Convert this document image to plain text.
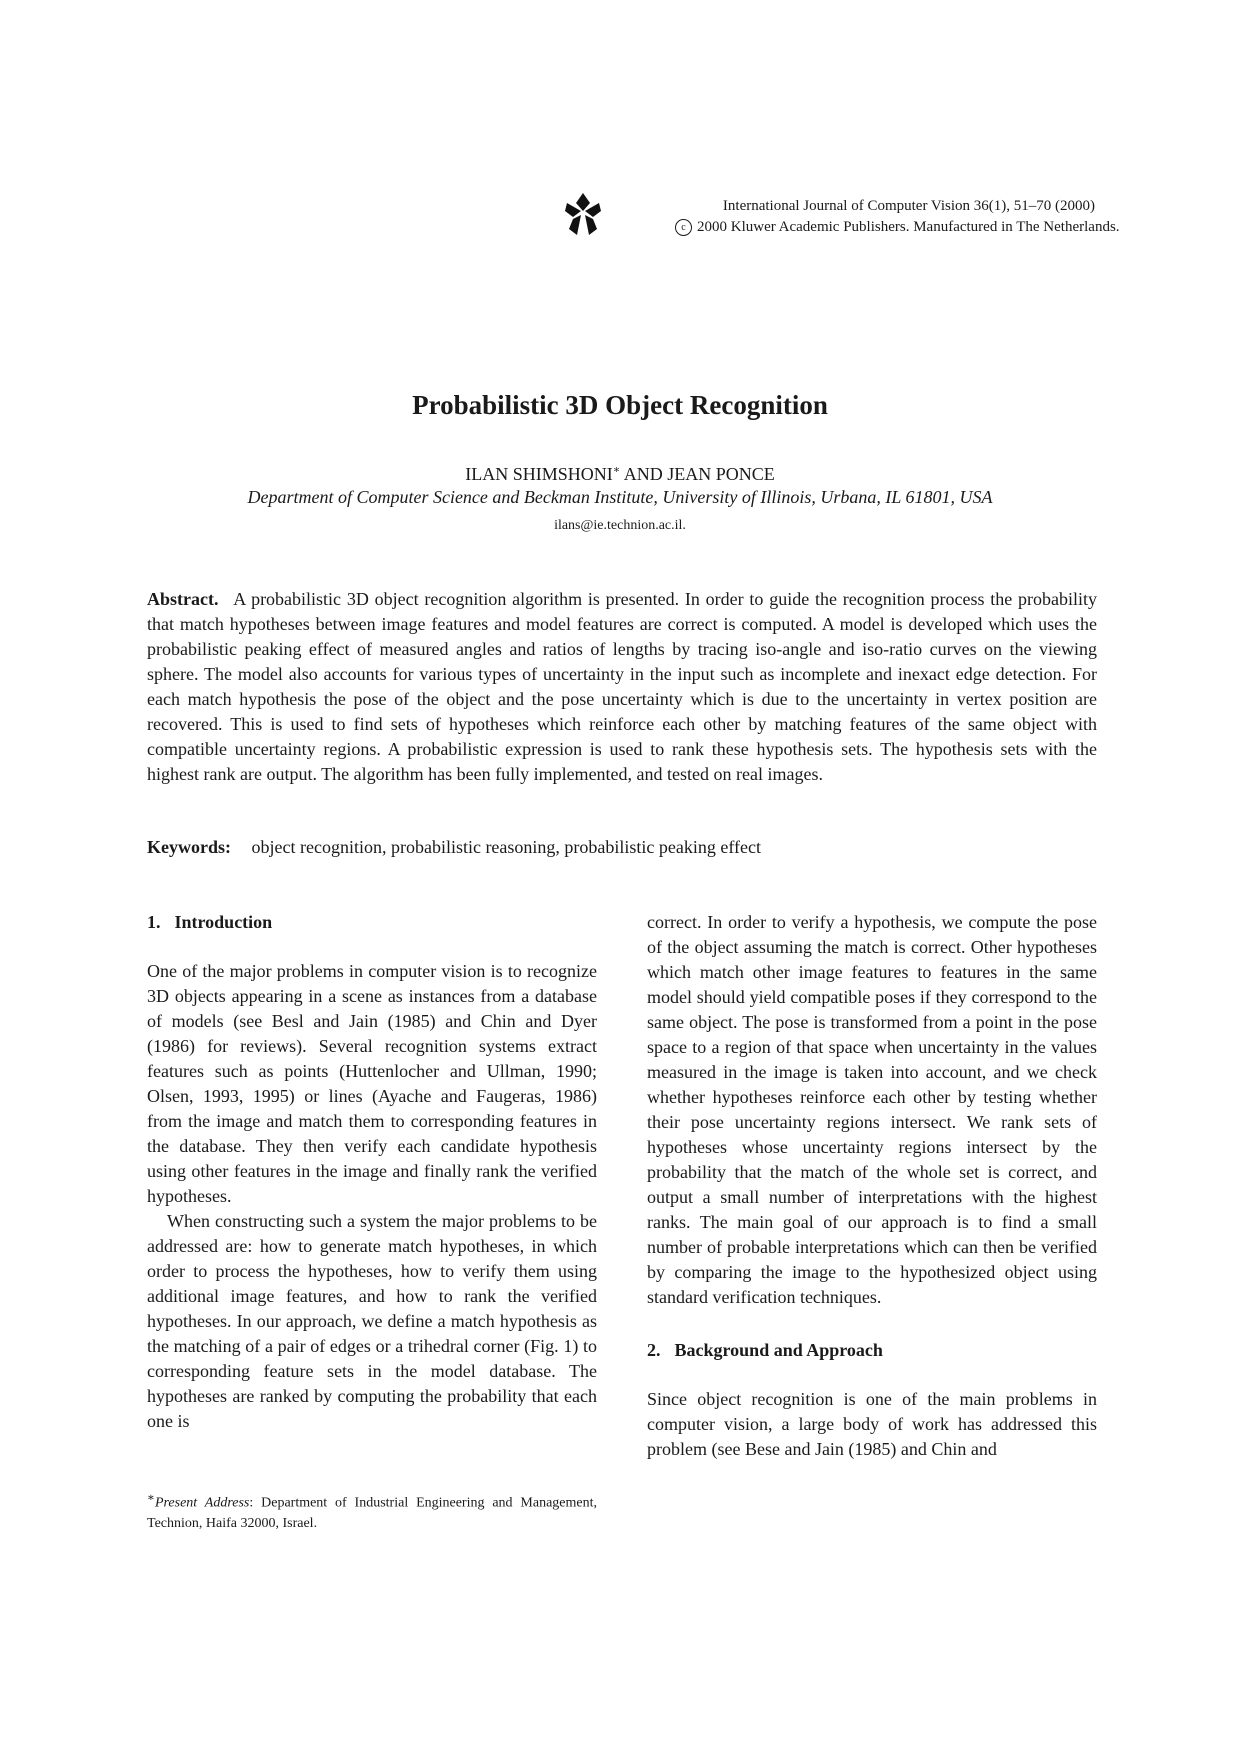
International Journal of Computer Vision 36(1), 51–70 (2000)
c 2000 Kluwer Academic Publishers. Manufactured in The Netherlands.
Probabilistic 3D Object Recognition
ILAN SHIMSHONI∗ AND JEAN PONCE
Department of Computer Science and Beckman Institute, University of Illinois, Urbana, IL 61801, USA
ilans@ie.technion.ac.il.
Abstract. A probabilistic 3D object recognition algorithm is presented. In order to guide the recognition process the probability that match hypotheses between image features and model features are correct is computed. A model is developed which uses the probabilistic peaking effect of measured angles and ratios of lengths by tracing iso-angle and iso-ratio curves on the viewing sphere. The model also accounts for various types of uncertainty in the input such as incomplete and inexact edge detection. For each match hypothesis the pose of the object and the pose uncertainty which is due to the uncertainty in vertex position are recovered. This is used to find sets of hypotheses which reinforce each other by matching features of the same object with compatible uncertainty regions. A probabilistic expression is used to rank these hypothesis sets. The hypothesis sets with the highest rank are output. The algorithm has been fully implemented, and tested on real images.
Keywords: object recognition, probabilistic reasoning, probabilistic peaking effect

1. Introduction

One of the major problems in computer vision is to recognize 3D objects appearing in a scene as instances from a database of models (see Besl and Jain (1985) and Chin and Dyer (1986) for reviews). Several recognition systems extract features such as points (Huttenlocher and Ullman, 1990; Olsen, 1993, 1995) or lines (Ayache and Faugeras, 1986) from the image and match them to corresponding features in the database. They then verify each candidate hypothesis using other features in the image and finally rank the verified hypotheses.

When constructing such a system the major problems to be addressed are: how to generate match hypotheses, in which order to process the hypotheses, how to verify them using additional image features, and how to rank the verified hypotheses. In our approach, we define a match hypothesis as the matching of a pair of edges or a trihedral corner (Fig. 1) to corresponding feature sets in the model database. The hypotheses are ranked by computing the probability that each one is

∗Present Address: Department of Industrial Engineering and Management, Technion, Haifa 32000, Israel.

correct. In order to verify a hypothesis, we compute the pose of the object assuming the match is correct. Other hypotheses which match other image features to features in the same model should yield compatible poses if they correspond to the same object. The pose is transformed from a point in the pose space to a region of that space when uncertainty in the values measured in the image is taken into account, and we check whether hypotheses reinforce each other by testing whether their pose uncertainty regions intersect. We rank sets of hypotheses whose uncertainty regions intersect by the probability that the match of the whole set is correct, and output a small number of interpretations with the highest ranks. The main goal of our approach is to find a small number of probable interpretations which can then be verified by comparing the image to the hypothesized object using standard verification techniques.

2. Background and Approach

Since object recognition is one of the main problems in computer vision, a large body of work has addressed this problem (see Bese and Jain (1985) and Chin and
